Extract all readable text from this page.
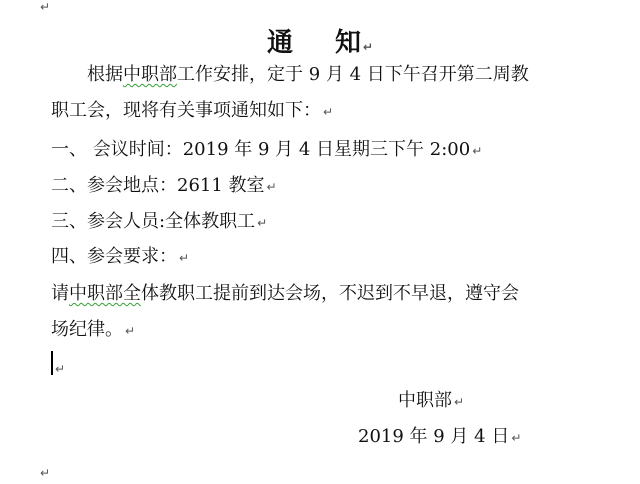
↵
通 知 ↵
根据中职部工作安排，定于 9 月 4 日下午召开第二周教
职工会，现将有关事项通知如下： ↵
一、 会议时间：2019 年 9 月 4 日星期三下午 2:00 ↵
二、参会地点：2611 教室 ↵
三、参会人员:全体教职工 ↵
四、参会要求： ↵
请中职部全体教职工提前到达会场，不迟到不早退，遵守会
场纪律。 ↵
↵
中职部 ↵
2019 年 9 月 4 日 ↵
↵
